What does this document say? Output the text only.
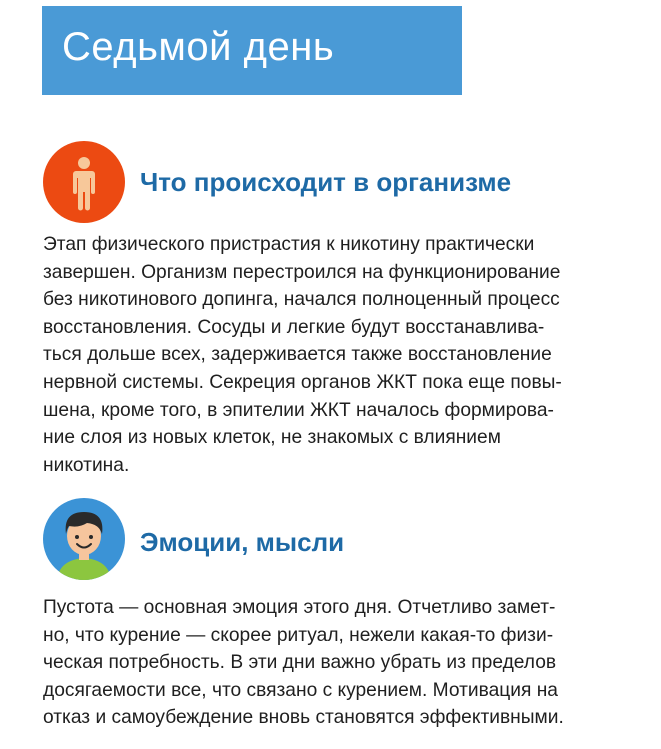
Седьмой день
Что происходит в организме

Этап физического пристрастия к никотину практически
завершен. Организм перестроился на функционирование
без никотинового допинга, начался полноценный процесс
восстановления. Сосуды и легкие будут восстанавлива-
ться дольше всех, задерживается также восстановление
нервной системы. Секреция органов ЖКТ пока еще повы-
шена, кроме того, в эпителии ЖКТ началось формирова-
ние слоя из новых клеток, не знакомых с влиянием
никотина.

Эмоции, мысли

Пустота — основная эмоция этого дня. Отчетливо замет-
но, что курение — скорее ритуал, нежели какая-то физи-
ческая потребность. В эти дни важно убрать из пределов
досягаемости все, что связано с курением. Мотивация на
отказ и самоубеждение вновь становятся эффективными.
